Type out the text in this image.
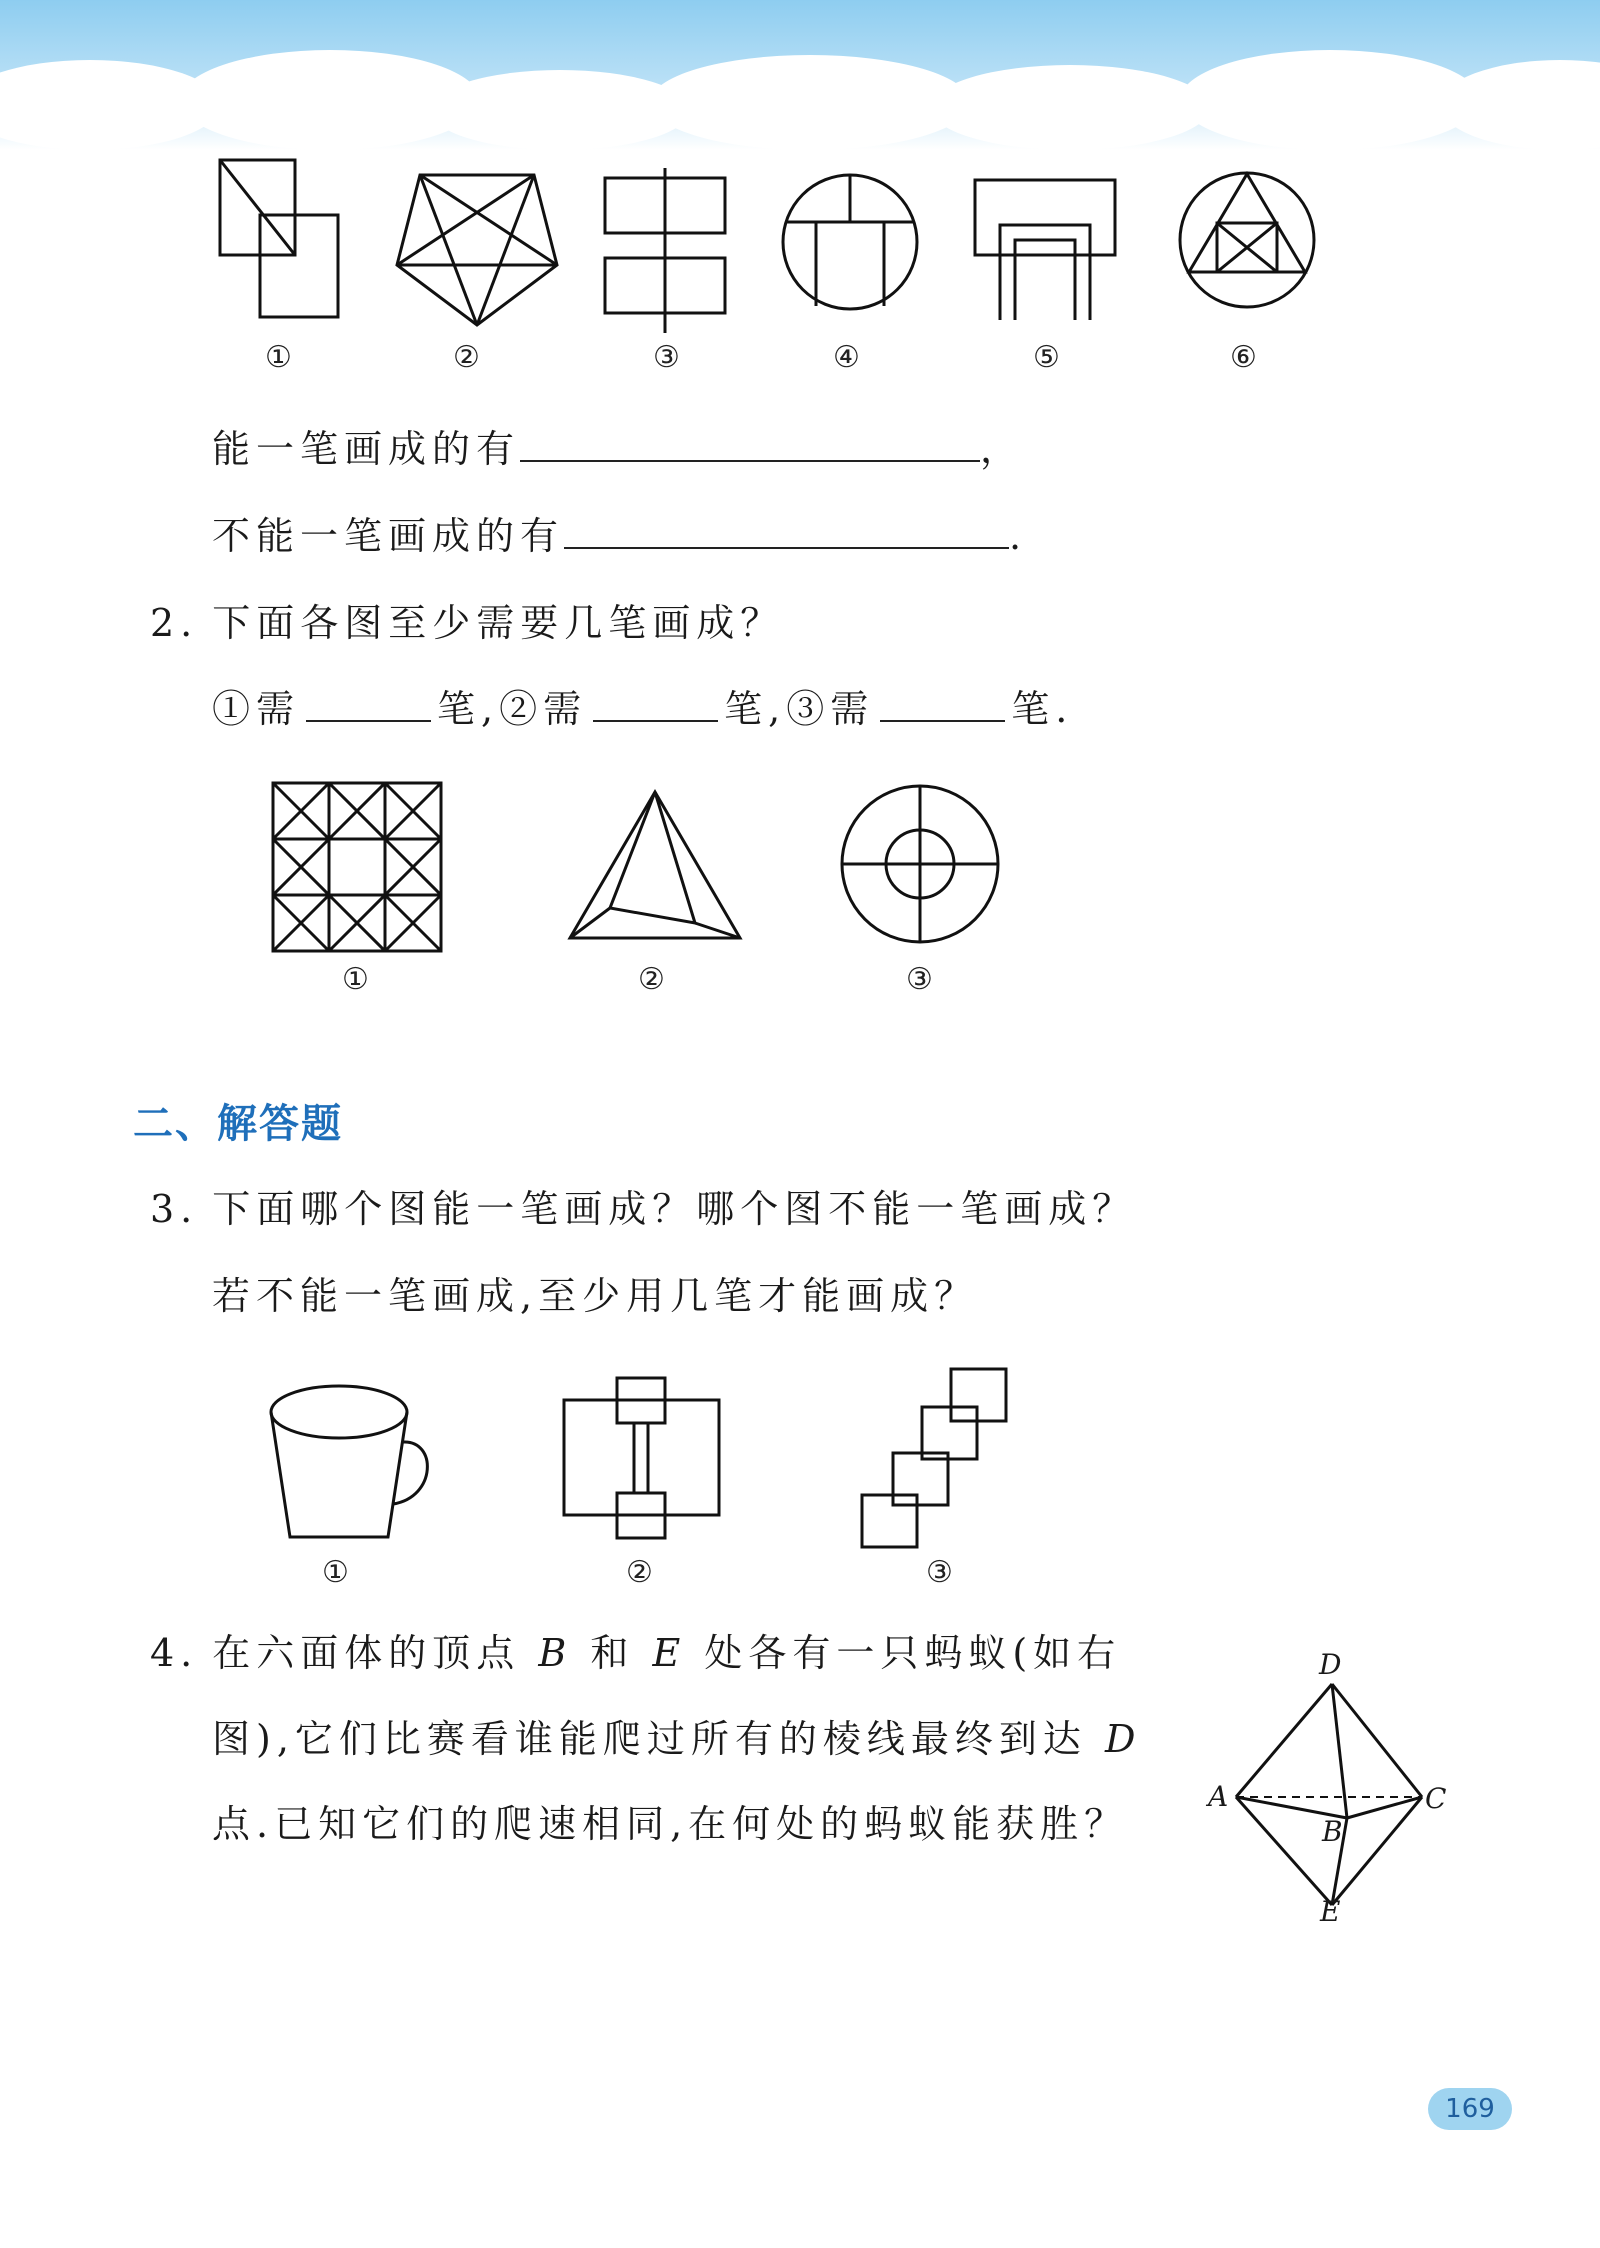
①	②	③	④	⑤	⑥
能一笔画成的有	，
不能一笔画成的有	.
2. 下面各图至少需要几笔画成？
①需	笔,②需	笔,③需	笔.
①	②	③
二、解答题
3. 下面哪个图能一笔画成？哪个图不能一笔画成？
若不能一笔画成,至少用几笔才能画成？
①	②	③
4. 在六面体的顶点 B 和 E 处各有一只蚂蚁(如右
图),它们比赛看谁能爬过所有的棱线最终到达 D
点.已知它们的爬速相同,在何处的蚂蚁能获胜？
D
A	C
B
E
169
